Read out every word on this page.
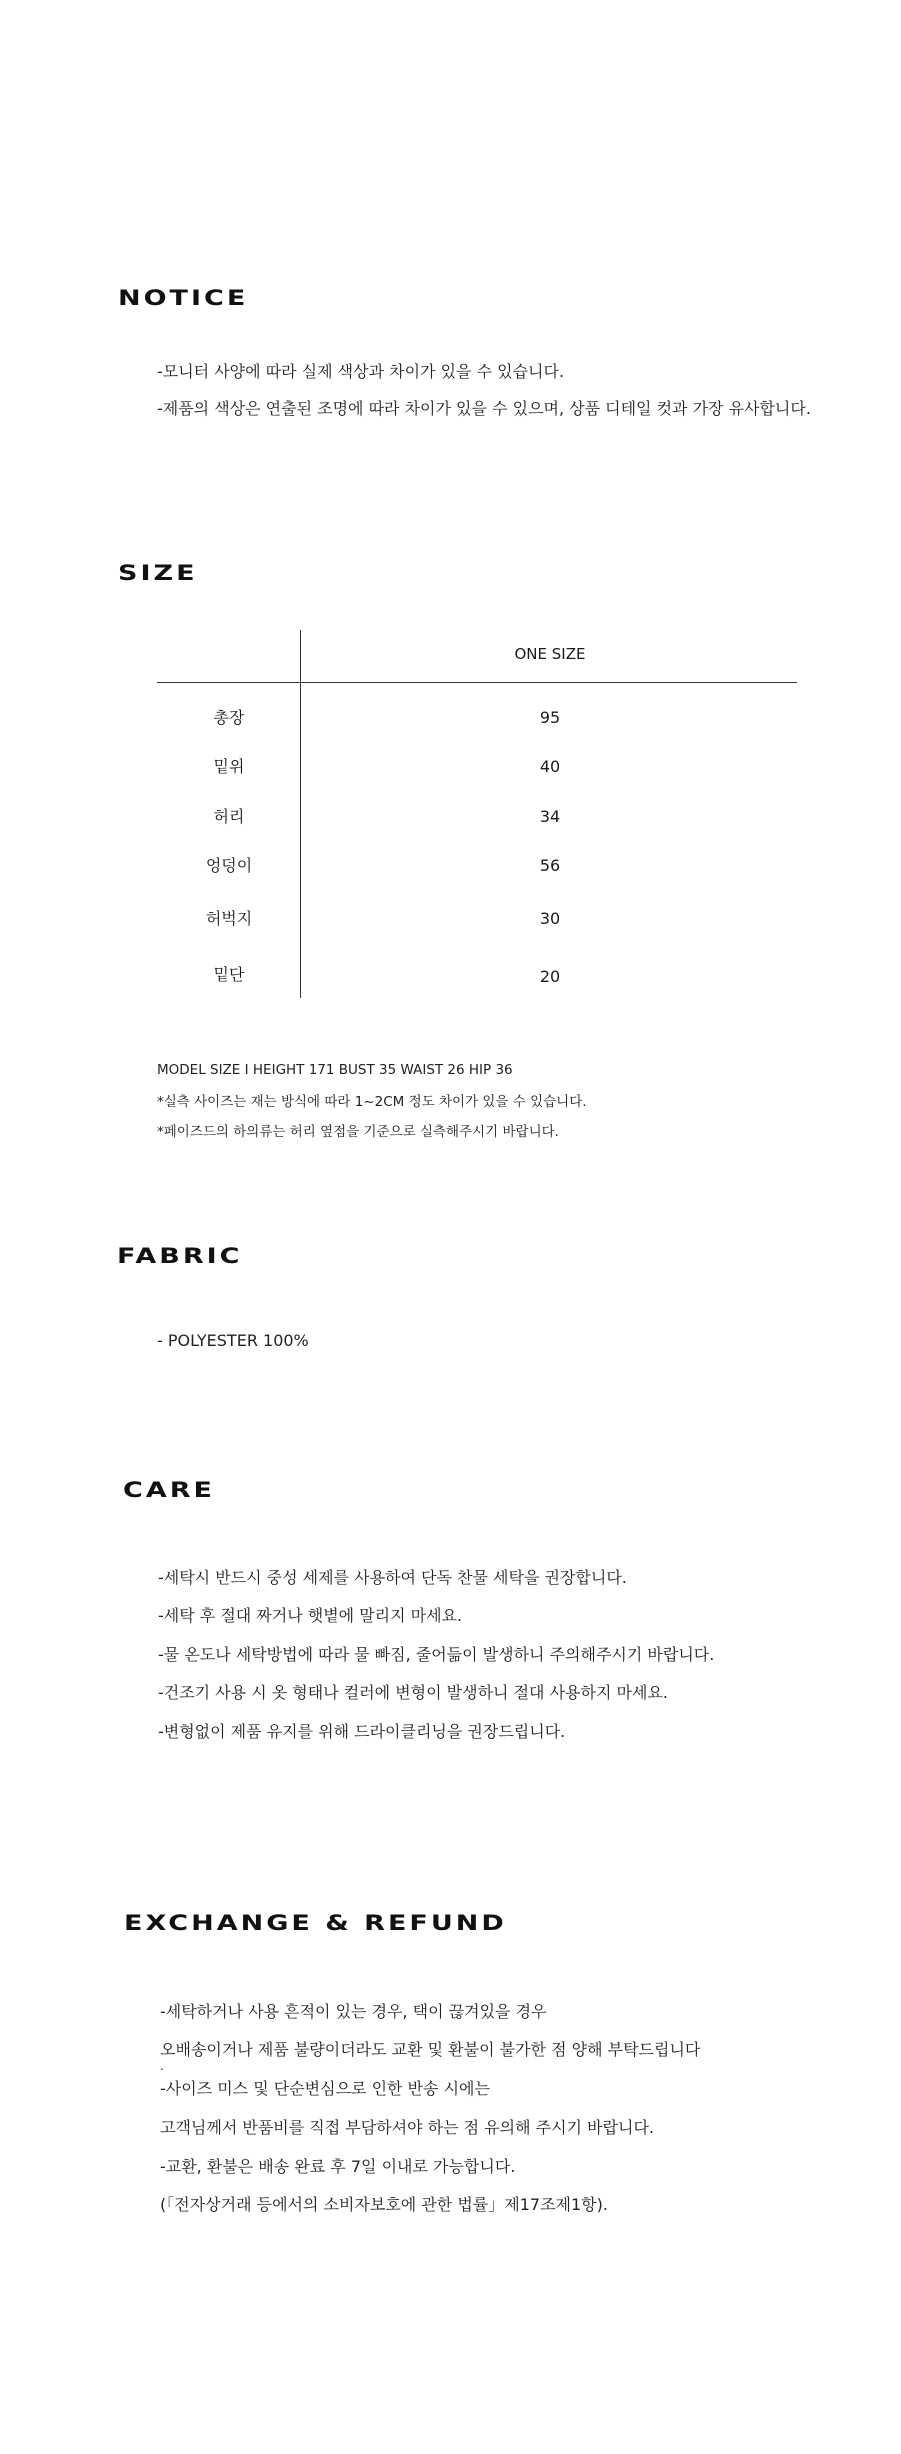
NOTICE
-모니터 사양에 따라 실제 색상과 차이가 있을 수 있습니다.
-제품의 색상은 연출된 조명에 따라 차이가 있을 수 있으며, 상품 디테일 컷과 가장 유사합니다.
SIZE
ONE SIZE
총장	95
밑위	40
허리	34
엉덩이	56
허벅지	30
밑단	20
MODEL SIZE I HEIGHT 171 BUST 35 WAIST 26 HIP 36
*실측 사이즈는 재는 방식에 따라 1~2CM 정도 차이가 있을 수 있습니다.
*페이즈드의 하의류는 허리 옆점을 기준으로 실측해주시기 바랍니다.
FABRIC
- POLYESTER 100%
CARE
-세탁시 반드시 중성 세제를 사용하여 단독 찬물 세탁을 권장합니다.
-세탁 후 절대 짜거나 햇볕에 말리지 마세요.
-물 온도나 세탁방법에 따라 물 빠짐, 줄어듦이 발생하니 주의해주시기 바랍니다.
-건조기 사용 시 옷 형태나 컬러에 변형이 발생하니 절대 사용하지 마세요.
-변형없이 제품 유지를 위해 드라이클리닝을 권장드립니다.
EXCHANGE & REFUND
-세탁하거나 사용 흔적이 있는 경우, 택이 끊겨있을 경우
오배송이거나 제품 불량이더라도 교환 및 환불이 불가한 점 양해 부탁드립니다
.
-사이즈 미스 및 단순변심으로 인한 반송 시에는
고객님께서 반품비를 직접 부담하셔야 하는 점 유의해 주시기 바랍니다.
-교환, 환불은 배송 완료 후 7일 이내로 가능합니다.
(「전자상거래 등에서의 소비자보호에 관한 법률」제17조제1항).
